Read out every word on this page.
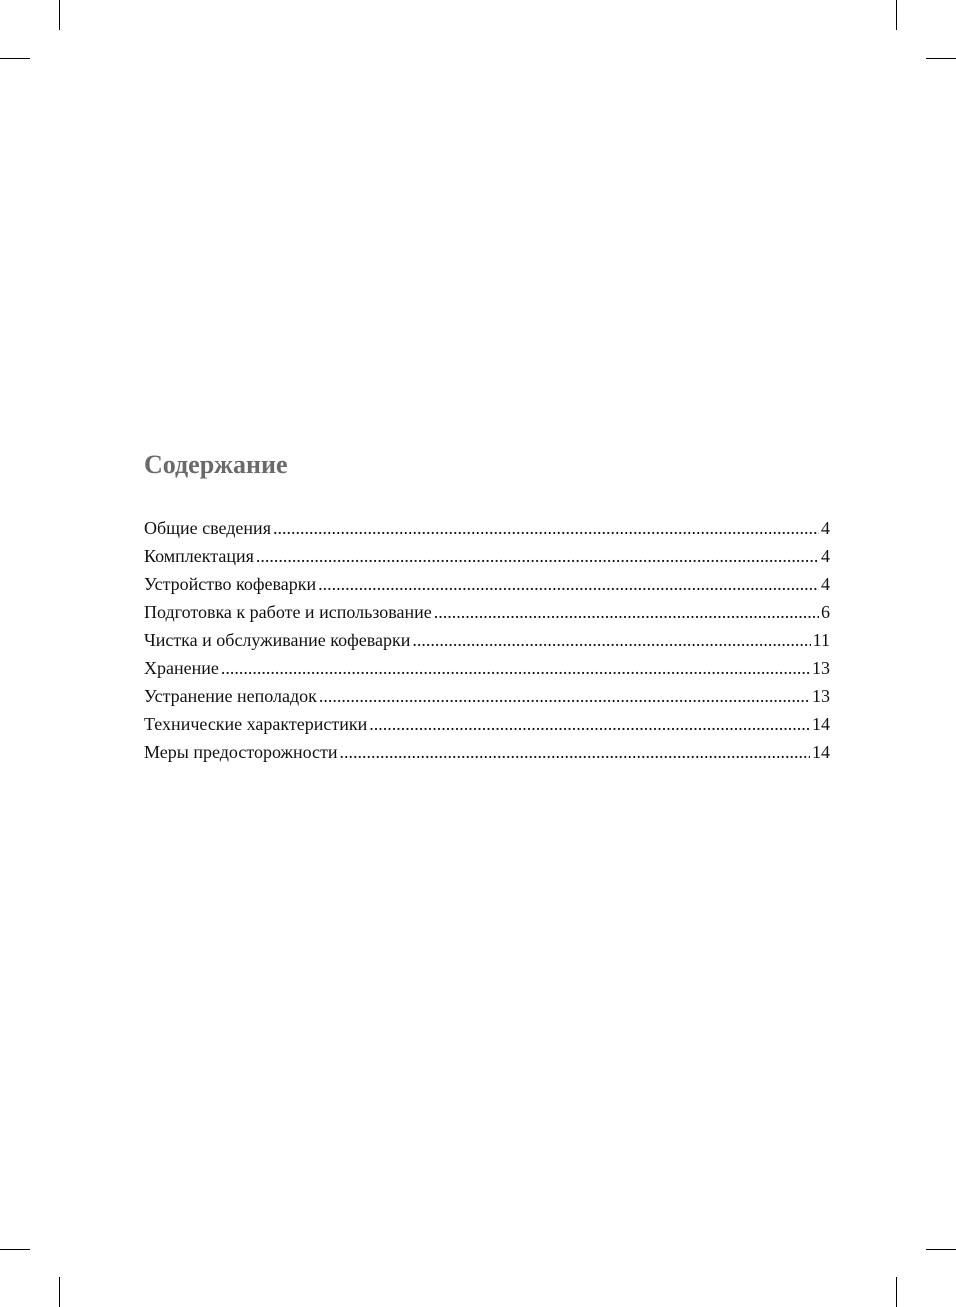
Содержание
Общие сведения .....	4
Комплектация .....	4
Устройство кофеварки .....	4
Подготовка к работе и использование .....	6
Чистка и обслуживание кофеварки .....	11
Хранение .....	13
Устранение неполадок .....	13
Технические характеристики .....	14
Меры предосторожности .....	14
